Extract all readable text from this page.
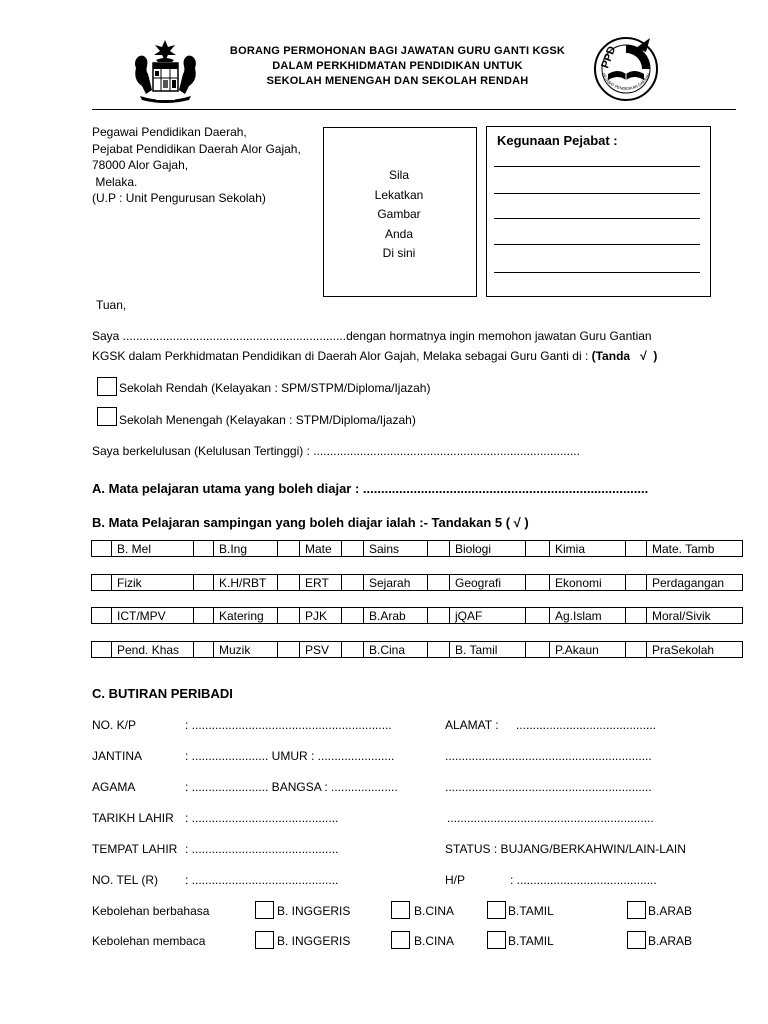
BORANG PERMOHONAN BAGI JAWATAN GURU GANTI KGSK
DALAM PERKHIDMATAN PENDIDIKAN UNTUK
SEKOLAH MENENGAH DAN SEKOLAH RENDAH
PPD
PEJABAT PENDIDIKAN DAERAH
Pegawai Pendidikan Daerah,
Pejabat Pendidikan Daerah Alor Gajah,
78000 Alor Gajah,
Melaka.
(U.P : Unit Pengurusan Sekolah)
Sila
Lekatkan
Gambar
Anda
Di sini
Kegunaan Pejabat :
Tuan,
Saya ...................................................................dengan hormatnya ingin memohon jawatan Guru Gantian
KGSK dalam Perkhidmatan Pendidikan di Daerah Alor Gajah, Melaka sebagai Guru Ganti di : (Tanda   √  )
Sekolah Rendah (Kelayakan : SPM/STPM/Diploma/Ijazah)
Sekolah Menengah (Kelayakan : STPM/Diploma/Ijazah)
Saya berkelulusan (Kelulusan Tertinggi) : ................................................................................
A. Mata pelajaran utama yang boleh diajar : ...............................................................................
B. Mata Pelajaran sampingan yang boleh diajar ialah :- Tandakan 5 ( √ )
	B. Mel		B.Ing		Mate		Sains		Biologi		Kimia		Mate. Tamb
	Fizik		K.H/RBT		ERT		Sejarah		Geografi		Ekonomi		Perdagangan
	ICT/MPV		Katering		PJK		B.Arab		jQAF		Ag.Islam		Moral/Sivik
	Pend. Khas		Muzik		PSV		B.Cina		B. Tamil		P.Akaun		PraSekolah
C. BUTIRAN PERIBADI
NO. K/P	: ............................................................	ALAMAT : ..........................................
JANTINA	: ....................... UMUR : .......................	..............................................................
AGAMA	: ....................... BANGSA : ....................	..............................................................
TARIKH LAHIR : ............................................	..............................................................
TEMPAT LAHIR : ............................................	STATUS : BUJANG/BERKAHWIN/LAIN-LAIN
NO. TEL (R) : ............................................	H/P	: ..........................................
Kebolehan berbahasa	B. INGGERIS	B.CINA	B.TAMIL	B.ARAB
Kebolehan membaca	B. INGGERIS	B.CINA	B.TAMIL	B.ARAB
